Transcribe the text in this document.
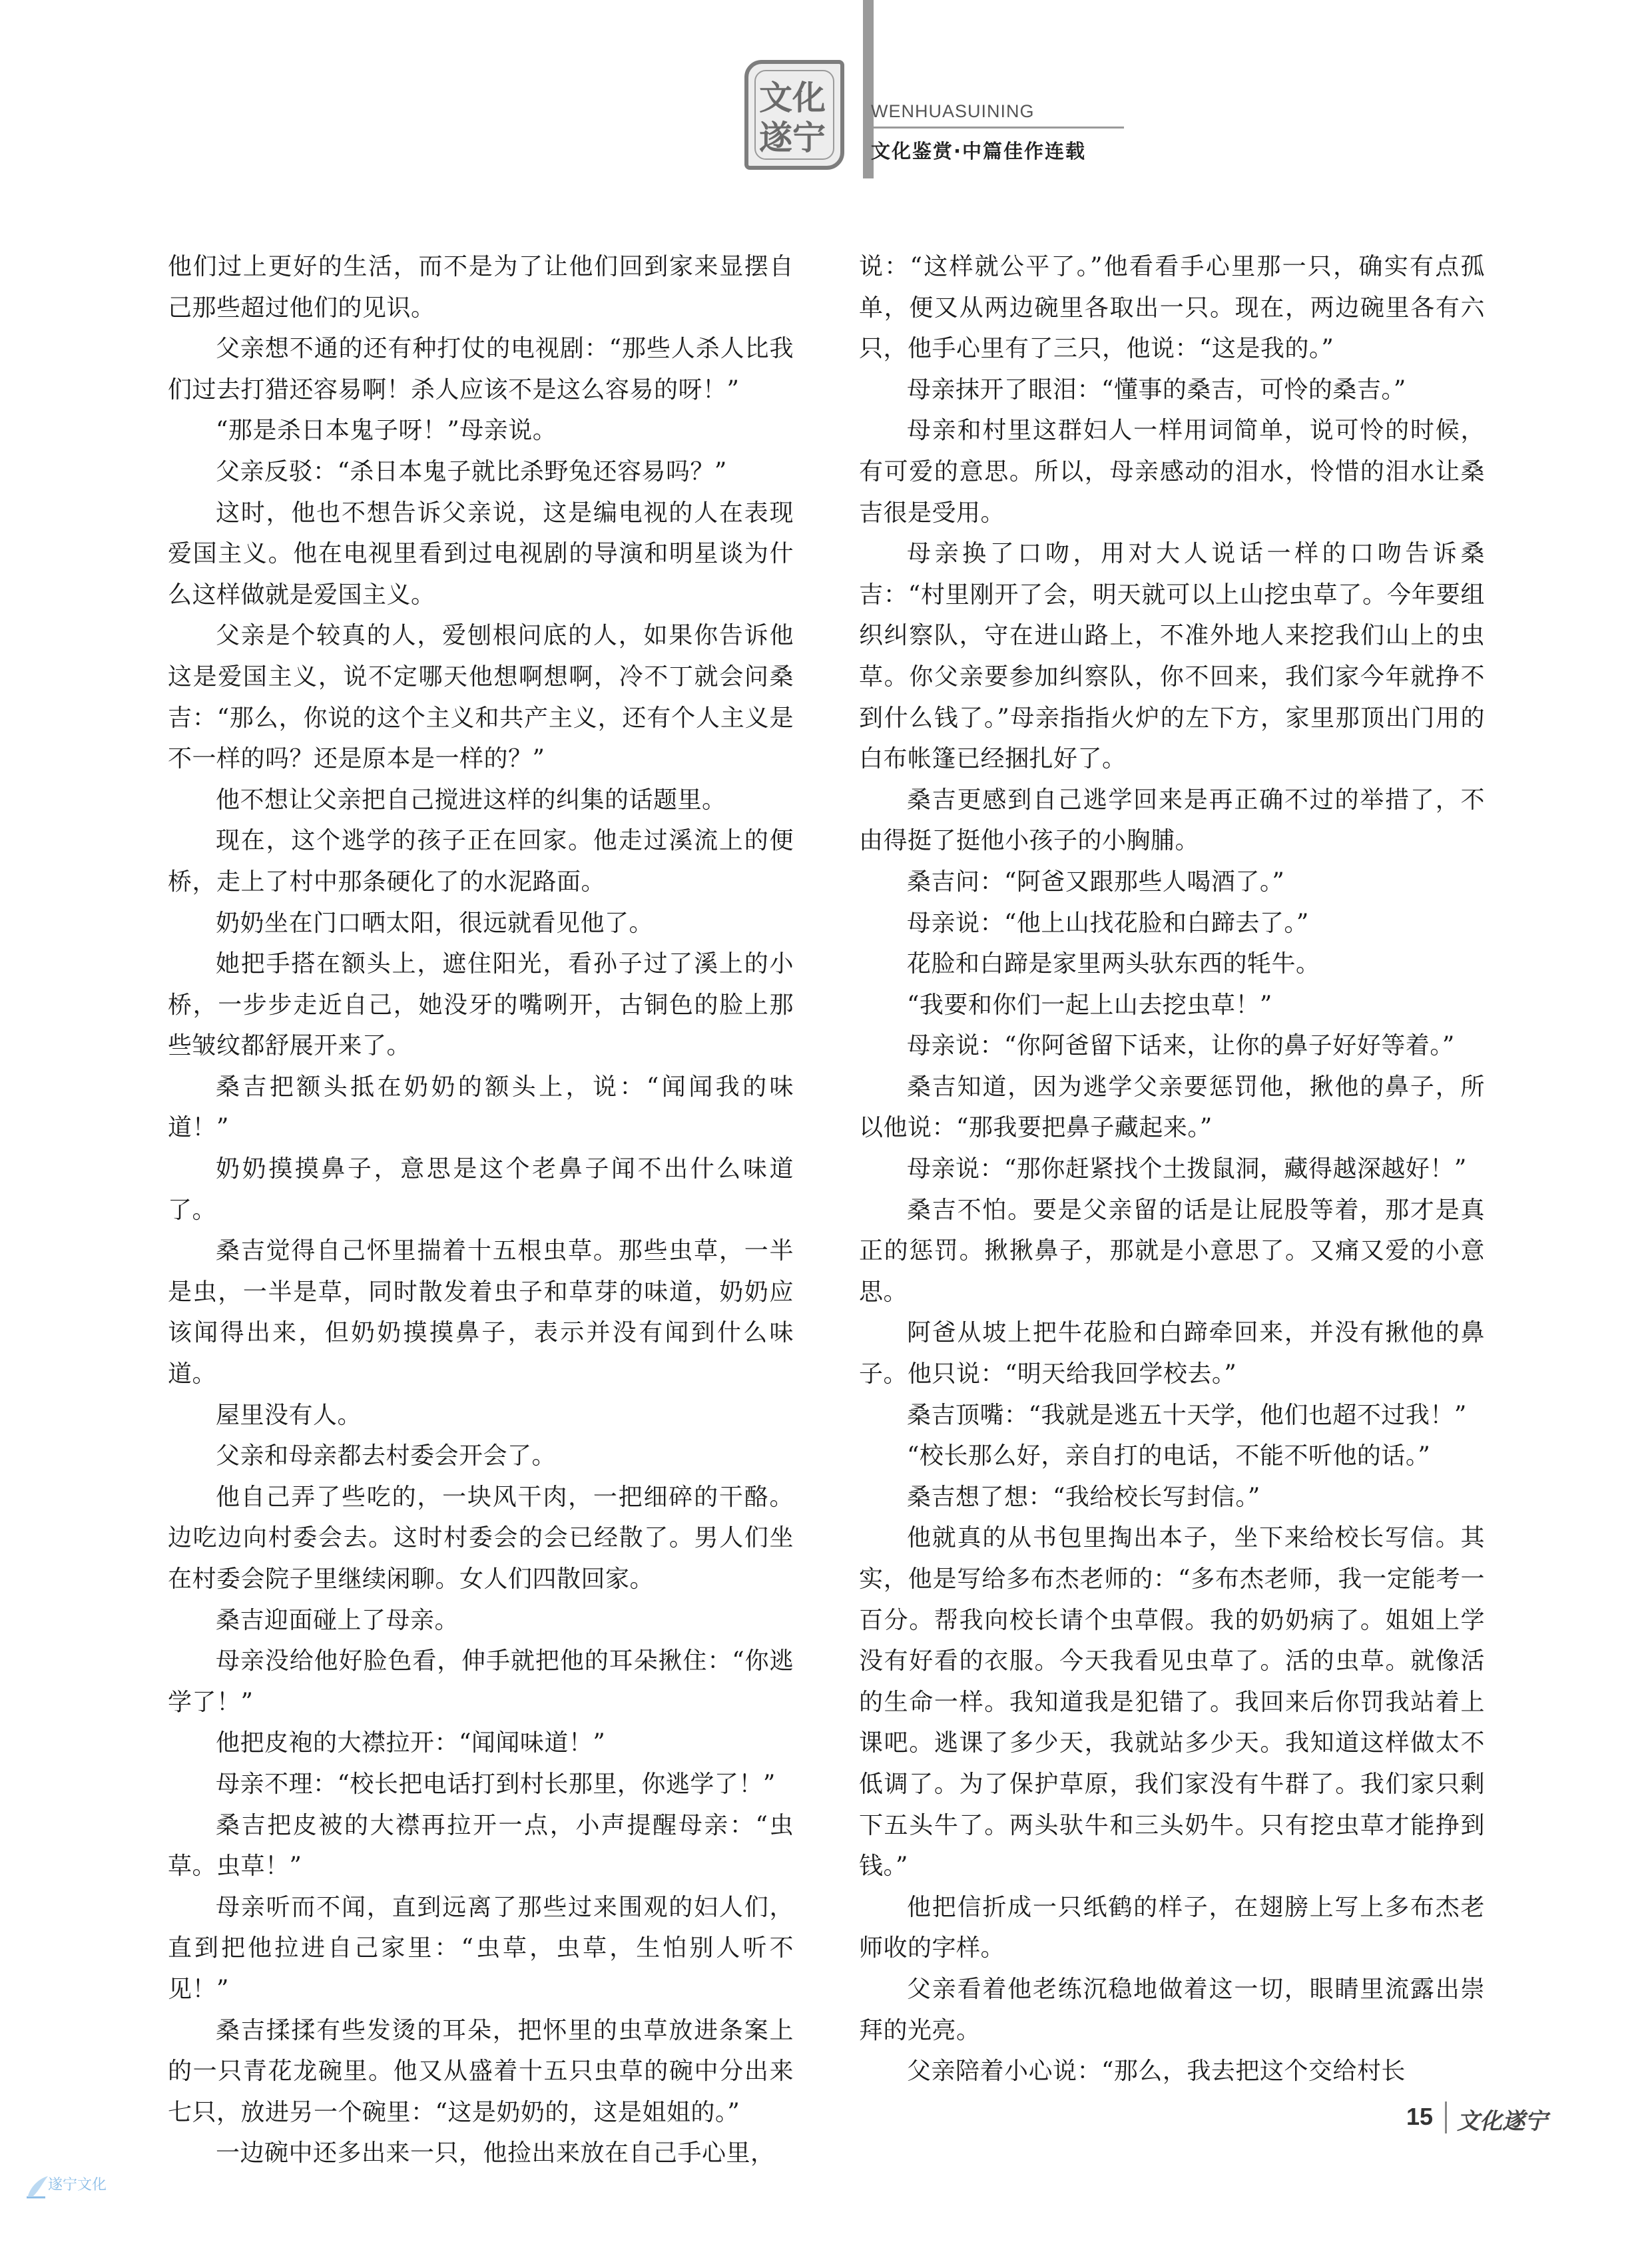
文化
遂宁
WENHUASUINING
文化鉴赏·中篇佳作连载

他们过上更好的生活，而不是为了让他们回到家来显摆自己那些超过他们的见识。

父亲想不通的还有种打仗的电视剧：“那些人杀人比我们过去打猎还容易啊！杀人应该不是这么容易的呀！”

“那是杀日本鬼子呀！”母亲说。

父亲反驳：“杀日本鬼子就比杀野兔还容易吗？”

这时，他也不想告诉父亲说，这是编电视的人在表现爱国主义。他在电视里看到过电视剧的导演和明星谈为什么这样做就是爱国主义。

父亲是个较真的人，爱刨根问底的人，如果你告诉他这是爱国主义，说不定哪天他想啊想啊，冷不丁就会问桑吉：“那么，你说的这个主义和共产主义，还有个人主义是不一样的吗？还是原本是一样的？”

他不想让父亲把自己搅进这样的纠集的话题里。

现在，这个逃学的孩子正在回家。他走过溪流上的便桥，走上了村中那条硬化了的水泥路面。

奶奶坐在门口晒太阳，很远就看见他了。

她把手搭在额头上，遮住阳光，看孙子过了溪上的小桥，一步步走近自己，她没牙的嘴咧开，古铜色的脸上那些皱纹都舒展开来了。

桑吉把额头抵在奶奶的额头上，说：“闻闻我的味道！”

奶奶摸摸鼻子，意思是这个老鼻子闻不出什么味道了。

桑吉觉得自己怀里揣着十五根虫草。那些虫草，一半是虫，一半是草，同时散发着虫子和草芽的味道，奶奶应该闻得出来，但奶奶摸摸鼻子，表示并没有闻到什么味道。

屋里没有人。

父亲和母亲都去村委会开会了。

他自己弄了些吃的，一块风干肉，一把细碎的干酪。边吃边向村委会去。这时村委会的会已经散了。男人们坐在村委会院子里继续闲聊。女人们四散回家。

桑吉迎面碰上了母亲。

母亲没给他好脸色看，伸手就把他的耳朵揪住：“你逃学了！”

他把皮袍的大襟拉开：“闻闻味道！”

母亲不理：“校长把电话打到村长那里，你逃学了！”

桑吉把皮被的大襟再拉开一点，小声提醒母亲：“虫草。虫草！”

母亲听而不闻，直到远离了那些过来围观的妇人们，直到把他拉进自己家里：“虫草，虫草，生怕别人听不见！”

桑吉揉揉有些发烫的耳朵，把怀里的虫草放进条案上的一只青花龙碗里。他又从盛着十五只虫草的碗中分出来七只，放进另一个碗里：“这是奶奶的，这是姐姐的。”

一边碗中还多出来一只，他捡出来放在自己手心里，

说：“这样就公平了。”他看看手心里那一只，确实有点孤单，便又从两边碗里各取出一只。现在，两边碗里各有六只，他手心里有了三只，他说：“这是我的。”

母亲抹开了眼泪：“懂事的桑吉，可怜的桑吉。”

母亲和村里这群妇人一样用词简单，说可怜的时候，有可爱的意思。所以，母亲感动的泪水，怜惜的泪水让桑吉很是受用。

母亲换了口吻，用对大人说话一样的口吻告诉桑吉：“村里刚开了会，明天就可以上山挖虫草了。今年要组织纠察队，守在进山路上，不准外地人来挖我们山上的虫草。你父亲要参加纠察队，你不回来，我们家今年就挣不到什么钱了。”母亲指指火炉的左下方，家里那顶出门用的白布帐篷已经捆扎好了。

桑吉更感到自己逃学回来是再正确不过的举措了，不由得挺了挺他小孩子的小胸脯。

桑吉问：“阿爸又跟那些人喝酒了。”

母亲说：“他上山找花脸和白蹄去了。”

花脸和白蹄是家里两头驮东西的牦牛。

“我要和你们一起上山去挖虫草！”

母亲说：“你阿爸留下话来，让你的鼻子好好等着。”

桑吉知道，因为逃学父亲要惩罚他，揪他的鼻子，所以他说：“那我要把鼻子藏起来。”

母亲说：“那你赶紧找个土拨鼠洞，藏得越深越好！”

桑吉不怕。要是父亲留的话是让屁股等着，那才是真正的惩罚。揪揪鼻子，那就是小意思了。又痛又爱的小意思。

阿爸从坡上把牛花脸和白蹄牵回来，并没有揪他的鼻子。他只说：“明天给我回学校去。”

桑吉顶嘴：“我就是逃五十天学，他们也超不过我！”

“校长那么好，亲自打的电话，不能不听他的话。”

桑吉想了想：“我给校长写封信。”

他就真的从书包里掏出本子，坐下来给校长写信。其实，他是写给多布杰老师的：“多布杰老师，我一定能考一百分。帮我向校长请个虫草假。我的奶奶病了。姐姐上学没有好看的衣服。今天我看见虫草了。活的虫草。就像活的生命一样。我知道我是犯错了。我回来后你罚我站着上课吧。逃课了多少天，我就站多少天。我知道这样做太不低调了。为了保护草原，我们家没有牛群了。我们家只剩下五头牛了。两头驮牛和三头奶牛。只有挖虫草才能挣到钱。”

他把信折成一只纸鹤的样子，在翅膀上写上多布杰老师收的字样。

父亲看着他老练沉稳地做着这一切，眼睛里流露出崇拜的光亮。

父亲陪着小心说：“那么，我去把这个交给村长

遂宁文化
15 文化遂宁
